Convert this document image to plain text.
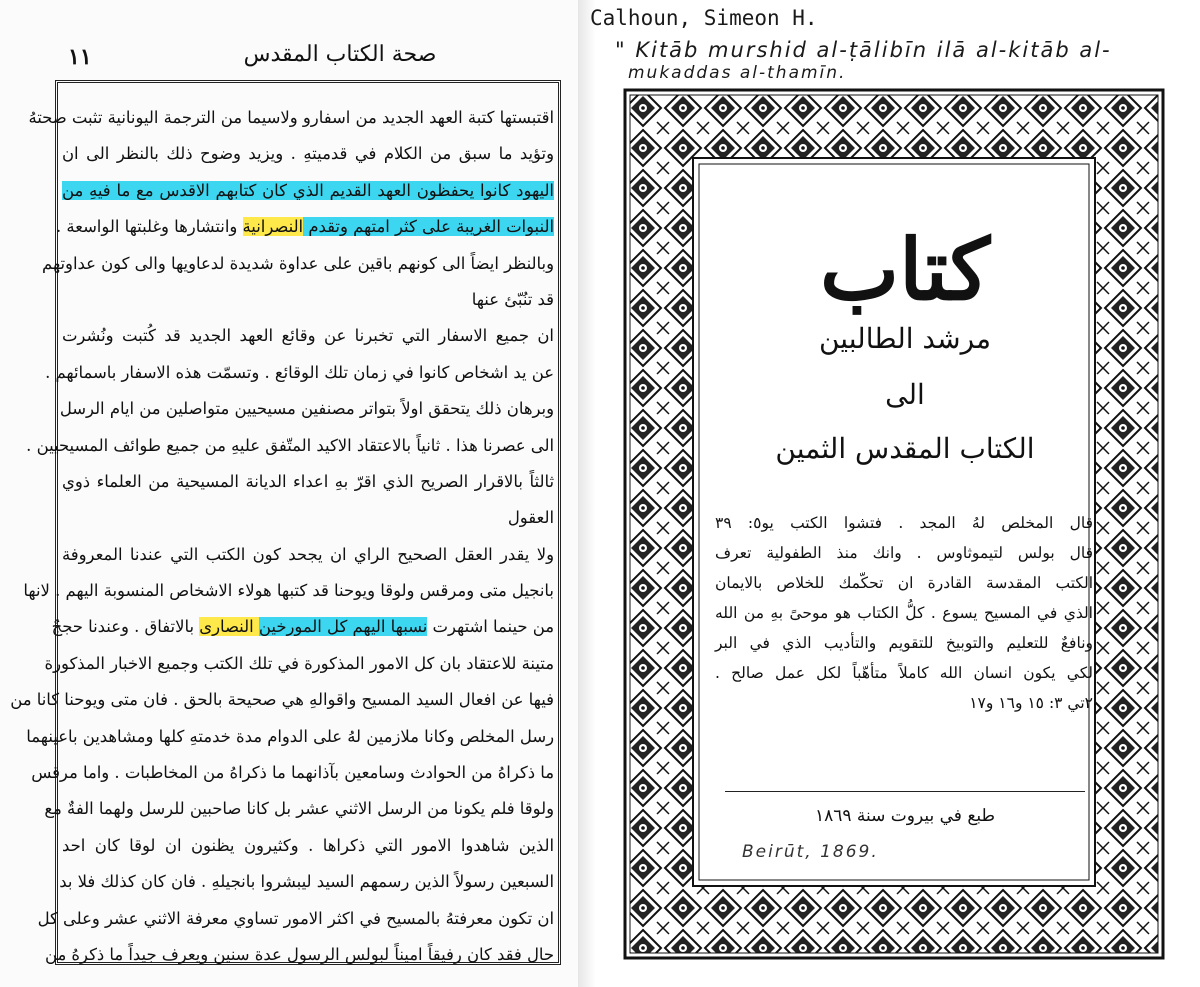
١١	صحة الكتاب المقدس
اقتبستها كتبة العهد الجديد من اسفارو ولاسيما من الترجمة اليونانية تثبت صحتهُ
وتؤيد ما سبق من الكلام في قدميتهِ . ويزيد وضوح ذلك بالنظر الى ان
اليهود كانوا يحفظون العهد القديم الذي كان كتابهم الاقدس مع ما فيهِ من
النبوات الغريبة على كثر امتهم وتقدم النصرانية وانتشارها وغلبتها الواسعة .
وبالنظر ايضاً الى كونهم باقين على عداوة شديدة لدعاويها والى كون عداوتهم
قد تنُبّئ عنها
ان جميع الاسفار التي تخبرنا عن وقائع العهد الجديد قد كُتبت ونُشرت
عن يد اشخاص كانوا في زمان تلك الوقائع . وتسمّت هذه الاسفار باسمائهم .
وبرهان ذلك يتحقق اولاً بتواتر مصنفين مسيحيين متواصلين من ايام الرسل
الى عصرنا هذا . ثانياً بالاعتقاد الاكيد المتّفق عليهِ من جميع طوائف المسيحيين .
ثالثاً بالاقرار الصريح الذي اقرّ بهِ اعداء الديانة المسيحية من العلماء ذوي
العقول
ولا يقدر العقل الصحيح الراي ان يجحد كون الكتب التي عندنا المعروفة
بانجيل متى ومرقس ولوقا ويوحنا قد كتبها هولاء الاشخاص المنسوبة اليهم . لانها
من حينما اشتهرت نسبها اليهم كل المورخين النصارى بالاتفاق . وعندنا حججٌ
متينة للاعتقاد بان كل الامور المذكورة في تلك الكتب وجميع الاخبار المذكورة
فيها عن افعال السيد المسيح واقوالهِ هي صحيحة بالحق . فان متى ويوحنا كانا من
رسل المخلص وكانا ملازمين لهُ على الدوام مدة خدمتهِ كلها ومشاهدين باعينهما
ما ذكراهُ من الحوادث وسامعين بآذانهما ما ذكراهُ من المخاطبات . واما مرقس
ولوقا فلم يكونا من الرسل الاثني عشر بل كانا صاحبين للرسل ولهما الفةٌ مع
الذين شاهدوا الامور التي ذكراها . وكثيرون يظنون ان لوقا كان احد
السبعين رسولاً الذين رسمهم السيد ليبشروا بانجيلهِ . فان كان كذلك فلا بد
ان تكون معرفتهُ بالمسيح في اكثر الامور تساوي معرفة الاثني عشر وعلى كل
حال فقد كان رفيقاً اميناً لبولس الرسول عدة سنين ويعرف جيداً ما ذكرهُ من
Calhoun, Simeon H.
" Kitāb murshid al-ṭālibīn ilā al-kitāb al-
mukaddas al-thamīn.
كتاب
مرشد الطالبين
الى
الكتاب المقدس الثمين
قال المخلص لهُ المجد . فتشوا الكتب يو٥: ٣٩
قال بولس لتيموثاوس . وانك منذ الطفولية تعرف
الكتب المقدسة القادرة ان تحكّمك للخلاص بالايمان
الذي في المسيح يسوع . كلُّ الكتاب هو موحىً بهِ من الله
ونافعٌ للتعليم والتوبيخ للتقويم والتأديب الذي في البر
لكي يكون انسان الله كاملاً متأهّباً لكل عمل صالح .
٢تي ٣: ١٥ و١٦ و١٧
طبع في بيروت سنة ١٨٦٩
Beirūt, 1869.
